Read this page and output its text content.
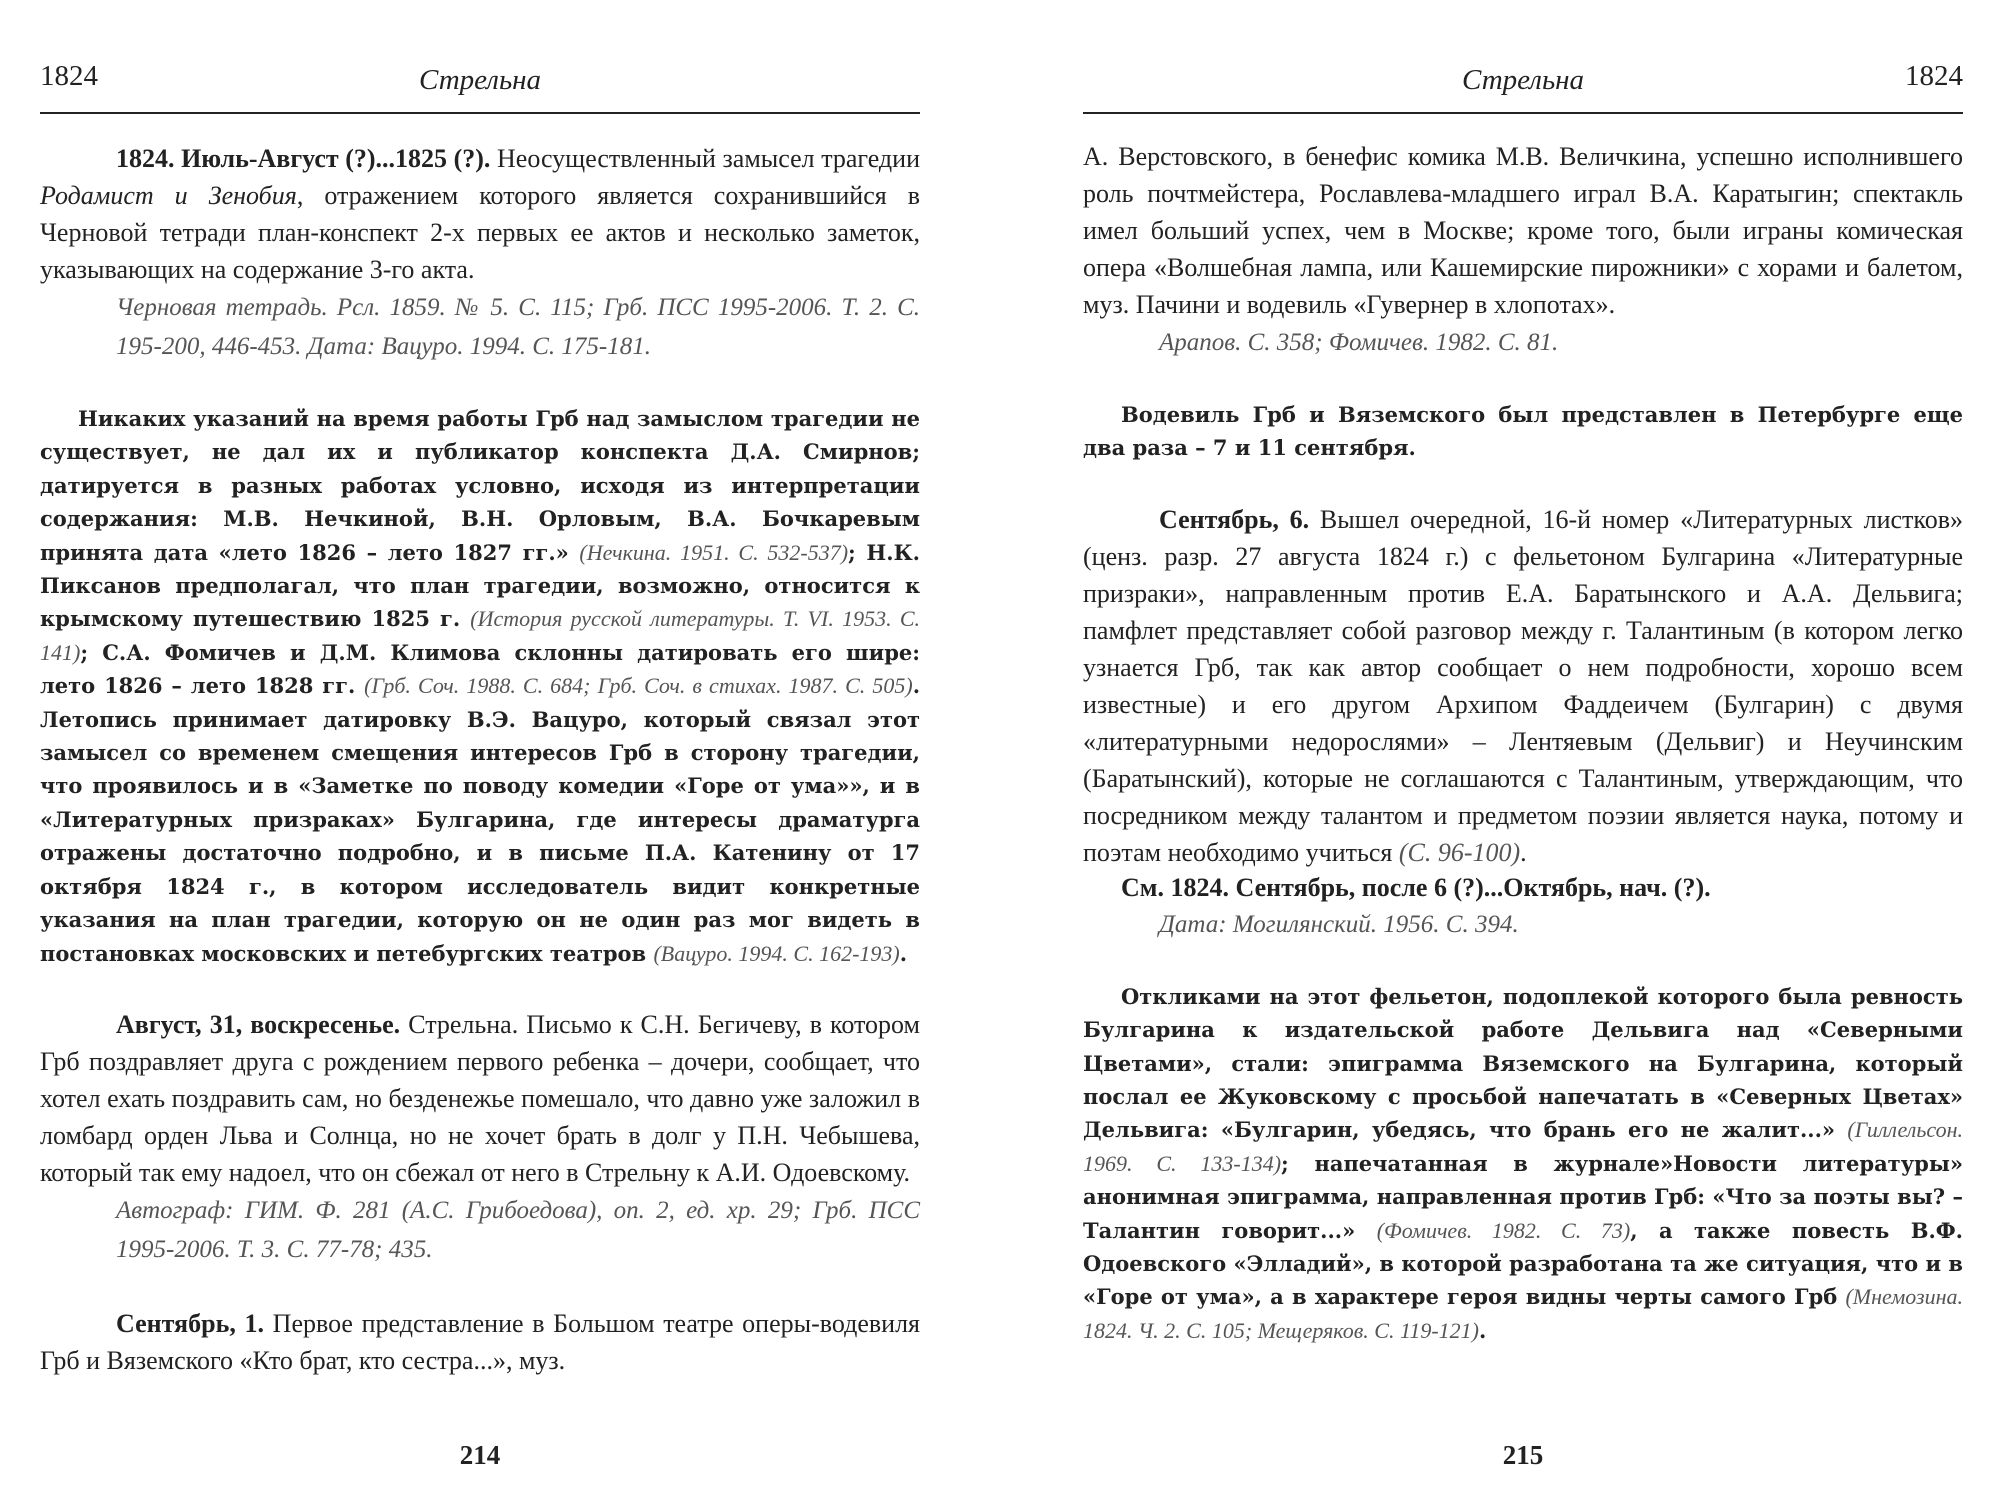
1824	Стрельна

1824. Июль-Август (?)...1825 (?). Неосуществленный замысел трагедии Родамист и Зенобия, отражением которого является сохранившийся в Черновой тетради план-конспект 2-х первых ее актов и несколько заметок, указывающих на содержание 3-го акта.

Черновая тетрадь. Рсл. 1859. № 5. С. 115; Грб. ПСС 1995-2006. Т. 2. С. 195-200, 446-453. Дата: Вацуро. 1994. С. 175-181.

Никаких указаний на время работы Грб над замыслом трагедии не существует, не дал их и публикатор конспекта Д.А. Смирнов; датируется в разных работах условно, исходя из интерпретации содержания: М.В. Нечкиной, В.Н. Орловым, В.А. Бочкаревым принята дата «лето 1826 – лето 1827 гг.» (Нечкина. 1951. С. 532-537); Н.К. Пиксанов предполагал, что план трагедии, возможно, относится к крымскому путешествию 1825 г. (История русской литературы. Т. VI. 1953. С. 141); С.А. Фомичев и Д.М. Климова склонны датировать его шире: лето 1826 – лето 1828 гг. (Грб. Соч. 1988. С. 684; Грб. Соч. в стихах. 1987. С. 505). Летопись принимает датировку В.Э. Вацуро, который связал этот замысел со временем смещения интересов Грб в сторону трагедии, что проявилось и в «Заметке по поводу комедии «Горе от ума»», и в «Литературных призраках» Булгарина, где интересы драматурга отражены достаточно подробно, и в письме П.А. Катенину от 17 октября 1824 г., в котором исследователь видит конкретные указания на план трагедии, которую он не один раз мог видеть в постановках московских и петебургских театров (Вацуро. 1994. С. 162-193).

Август, 31, воскресенье. Стрельна. Письмо к С.Н. Бегичеву, в котором Грб поздравляет друга с рождением первого ребенка – дочери, сообщает, что хотел ехать поздравить сам, но безденежье помешало, что давно уже заложил в ломбард орден Льва и Солнца, но не хочет брать в долг у П.Н. Чебышева, который так ему надоел, что он сбежал от него в Стрельну к А.И. Одоевскому.

Автограф: ГИМ. Ф. 281 (А.С. Грибоедова), оп. 2, ед. хр. 29; Грб. ПСС 1995-2006. Т. 3. С. 77-78; 435.

Сентябрь, 1. Первое представление в Большом театре оперы-водевиля Грб и Вяземского «Кто брат, кто сестра...», муз.

214
Стрельна	1824

А. Верстовского, в бенефис комика М.В. Величкина, успешно исполнившего роль почтмейстера, Рославлева-младшего играл В.А. Каратыгин; спектакль имел больший успех, чем в Москве; кроме того, были играны комическая опера «Волшебная лампа, или Кашемирские пирожники» с хорами и балетом, муз. Пачини и водевиль «Гувернер в хлопотах».

Арапов. С. 358; Фомичев. 1982. С. 81.

Водевиль Грб и Вяземского был представлен в Петербурге еще два раза – 7 и 11 сентября.

Сентябрь, 6. Вышел очередной, 16-й номер «Литературных листков» (ценз. разр. 27 августа 1824 г.) с фельетоном Булгарина «Литературные призраки», направленным против Е.А. Баратынского и А.А. Дельвига; памфлет представляет собой разговор между г. Талантиным (в котором легко узнается Грб, так как автор сообщает о нем подробности, хорошо всем известные) и его другом Архипом Фаддеичем (Булгарин) с двумя «литературными недорослями» – Лентяевым (Дельвиг) и Неучинским (Баратынский), которые не соглашаются с Талантиным, утверждающим, что посредником между талантом и предметом поэзии является наука, потому и поэтам необходимо учиться (С. 96-100).

См. 1824. Сентябрь, после 6 (?)...Октябрь, нач. (?).

Дата: Могилянский. 1956. С. 394.

Откликами на этот фельетон, подоплекой которого была ревность Булгарина к издательской работе Дельвига над «Северными Цветами», стали: эпиграмма Вяземского на Булгарина, который послал ее Жуковскому с просьбой напечатать в «Северных Цветах» Дельвига: «Булгарин, убедясь, что брань его не жалит...» (Гиллельсон. 1969. С. 133-134); напечатанная в журнале»Новости литературы» анонимная эпиграмма, направленная против Грб: «Что за поэты вы? – Талантин говорит...» (Фомичев. 1982. С. 73), а также повесть В.Ф. Одоевского «Элладий», в которой разработана та же ситуация, что и в «Горе от ума», а в характере героя видны черты самого Грб (Мнемозина. 1824. Ч. 2. С. 105; Мещеряков. С. 119-121).

215
